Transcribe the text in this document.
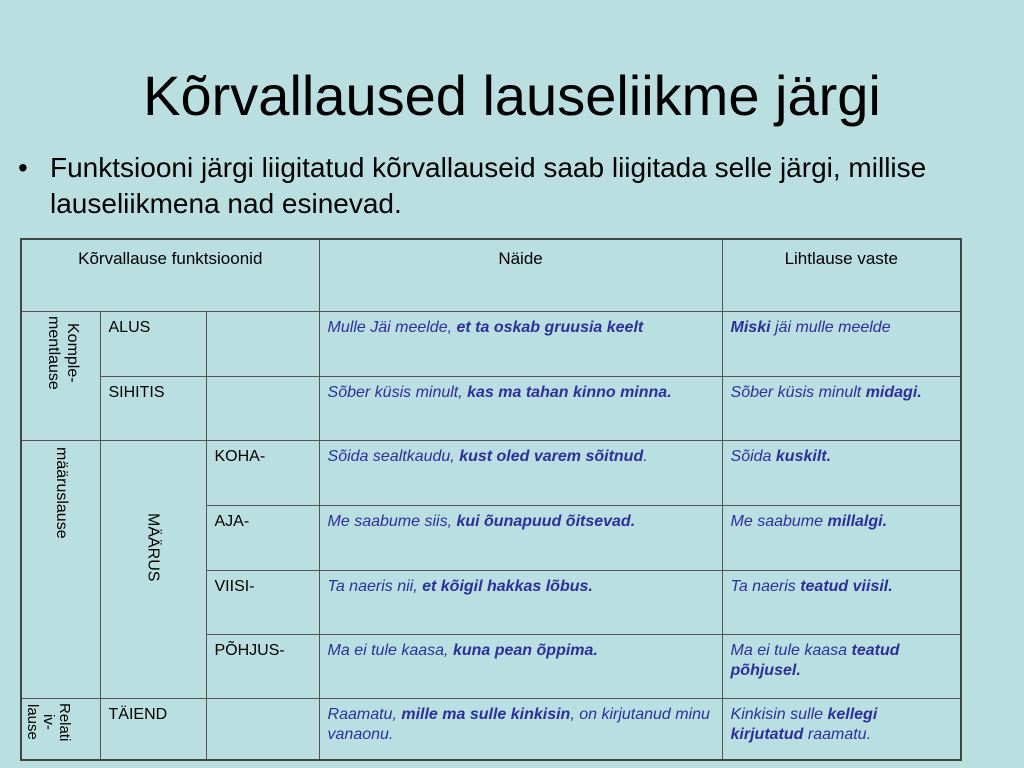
Kõrvallaused lauseliikme järgi
• Funktsiooni järgi liigitatud kõrvallauseid saab liigitada selle järgi, millise lauseliikmena nad esinevad.
Kõrvallause funktsioonid			Näide	Lihtlause vaste

Komple-
mentlause	ALUS		Mulle Jäi meelde, et ta oskab gruusia keelt	Miski jäi mulle meelde
	SIHITIS		Sõber küsis minult, kas ma tahan kinno minna.	Sõber küsis minult midagi.

määruslause	MÄÄRUS	KOHA-	Sõida sealtkaudu, kust oled varem sõitnud.	Sõida kuskilt.
		AJA-	Me saabume siis, kui õunapuud õitsevad.	Me saabume millalgi.
		VIISI-	Ta naeris nii, et kõigil hakkas lõbus.	Ta naeris teatud viisil.
		PÕHJUS-	Ma ei tule kaasa, kuna pean õppima.	Ma ei tule kaasa teatud põhjusel.

Relati
iv-
lause	TÄIEND		Raamatu, mille ma sulle kinkisin, on kirjutanud minu vanaonu.	Kinkisin sulle kellegi kirjutatud raamatu.
